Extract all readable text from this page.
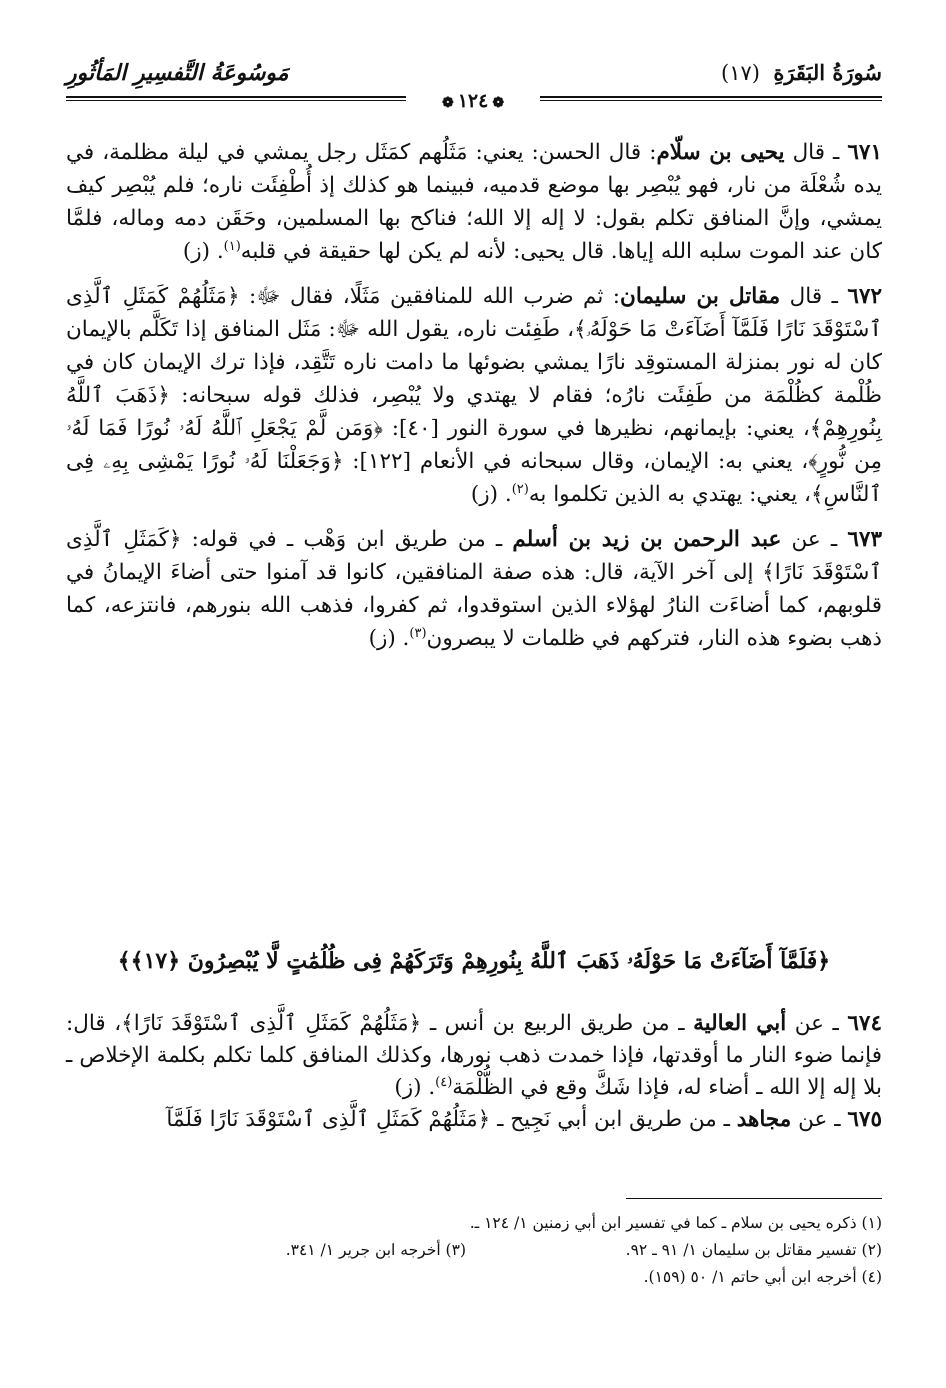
سُورَةُ البَقَرَةِ (١٧)
مَوسُوعَةُ التَّفسِيرِ المَأثُورِ
❁١٢٤❁

٦٧١ ـ قال يحيى بن سلّام: قال الحسن: يعني: مَثَلُهم كمَثَل رجل يمشي في ليلة مظلمة، في يده شُعْلَة من نار، فهو يُبْصِر بها موضع قدميه، فبينما هو كذلك إذ أُطْفِئَت ناره؛ فلم يُبْصِر كيف يمشي، وإنَّ المنافق تكلم بقول: لا إله إلا الله؛ فناكح بها المسلمين، وحَقَن دمه وماله، فلمَّا كان عند الموت سلبه الله إياها. قال يحيى: لأنه لم يكن لها حقيقة في قلبه$^{(١)}$. (ز)

٦٧٢ ـ قال مقاتل بن سليمان: ثم ضرب الله للمنافقين مَثَلًا، فقال ﷻ: ﴿مَثَلُهُمْ كَمَثَلِ ٱلَّذِى ٱسْتَوْقَدَ نَارًا فَلَمَّآ أَضَآءَتْ مَا حَوْلَهُۥ﴾، طَفِئت ناره، يقول الله ﷻ: مَثَل المنافق إذا تَكَلَّم بالإيمان كان له نور بمنزلة المستوقِد نارًا يمشي بضوئها ما دامت ناره تَتَّقِد، فإذا ترك الإيمان كان في ظُلْمة كظُلْمَة من طَفِئَت نارُه؛ فقام لا يهتدي ولا يُبْصِر، فذلك قوله سبحانه: ﴿ذَهَبَ ٱللَّهُ بِنُورِهِمْ﴾، يعني: بإيمانهم، نظيرها في سورة النور [٤٠]: ﴿وَمَن لَّمْ يَجْعَلِ ٱللَّهُ لَهُۥ نُورًا فَمَا لَهُۥ مِن نُّورٍ﴾، يعني به: الإيمان، وقال سبحانه في الأنعام [١٢٢]: ﴿وَجَعَلْنَا لَهُۥ نُورًا يَمْشِى بِهِۦ فِى ٱلنَّاسِ﴾، يعني: يهتدي به الذين تكلموا به$^{(٢)}$. (ز)

٦٧٣ ـ عن عبد الرحمن بن زيد بن أسلم ـ من طريق ابن وَهْب ـ في قوله: ﴿كَمَثَلِ ٱلَّذِى ٱسْتَوْقَدَ نَارًا﴾ إلى آخر الآية، قال: هذه صفة المنافقين، كانوا قد آمنوا حتى أضاءَ الإيمانُ في قلوبهم، كما أضاءَت النارُ لهؤلاء الذين استوقدوا، ثم كفروا، فذهب الله بنورهم، فانتزعه، كما ذهب بضوء هذه النار، فتركهم في ظلمات لا يبصرون$^{(٣)}$. (ز)

﴿فَلَمَّآ أَضَآءَتْ مَا حَوْلَهُۥ ذَهَبَ ٱللَّهُ بِنُورِهِمْ وَتَرَكَهُمْ فِى ظُلُمَٰتٍ لَّا يُبْصِرُونَ ﴿١٧﴾﴾

٦٧٤ ـ عن أبي العالية ـ من طريق الربيع بن أنس ـ ﴿مَثَلُهُمْ كَمَثَلِ ٱلَّذِى ٱسْتَوْقَدَ نَارًا﴾، قال: فإنما ضوء النار ما أوقدتها، فإذا خمدت ذهب نورها، وكذلك المنافق كلما تكلم بكلمة الإخلاص ـ بلا إله إلا الله ـ أضاء له، فإذا شَكَّ وقع في الظُّلْمَة$^{(٤)}$. (ز)

٦٧٥ ـ عن مجاهد ـ من طريق ابن أبي نَجِيح ـ ﴿مَثَلُهُمْ كَمَثَلِ ٱلَّذِى ٱسْتَوْقَدَ نَارًا فَلَمَّآ

(١) ذكره يحيى بن سلام ـ كما في تفسير ابن أبي زمنين ١/ ١٢٤ ـ.
(٢) تفسير مقاتل بن سليمان ١/ ٩١ ـ ٩٢.
(٣) أخرجه ابن جرير ١/ ٣٤١.
(٤) أخرجه ابن أبي حاتم ١/ ٥٠ (١٥٩).
